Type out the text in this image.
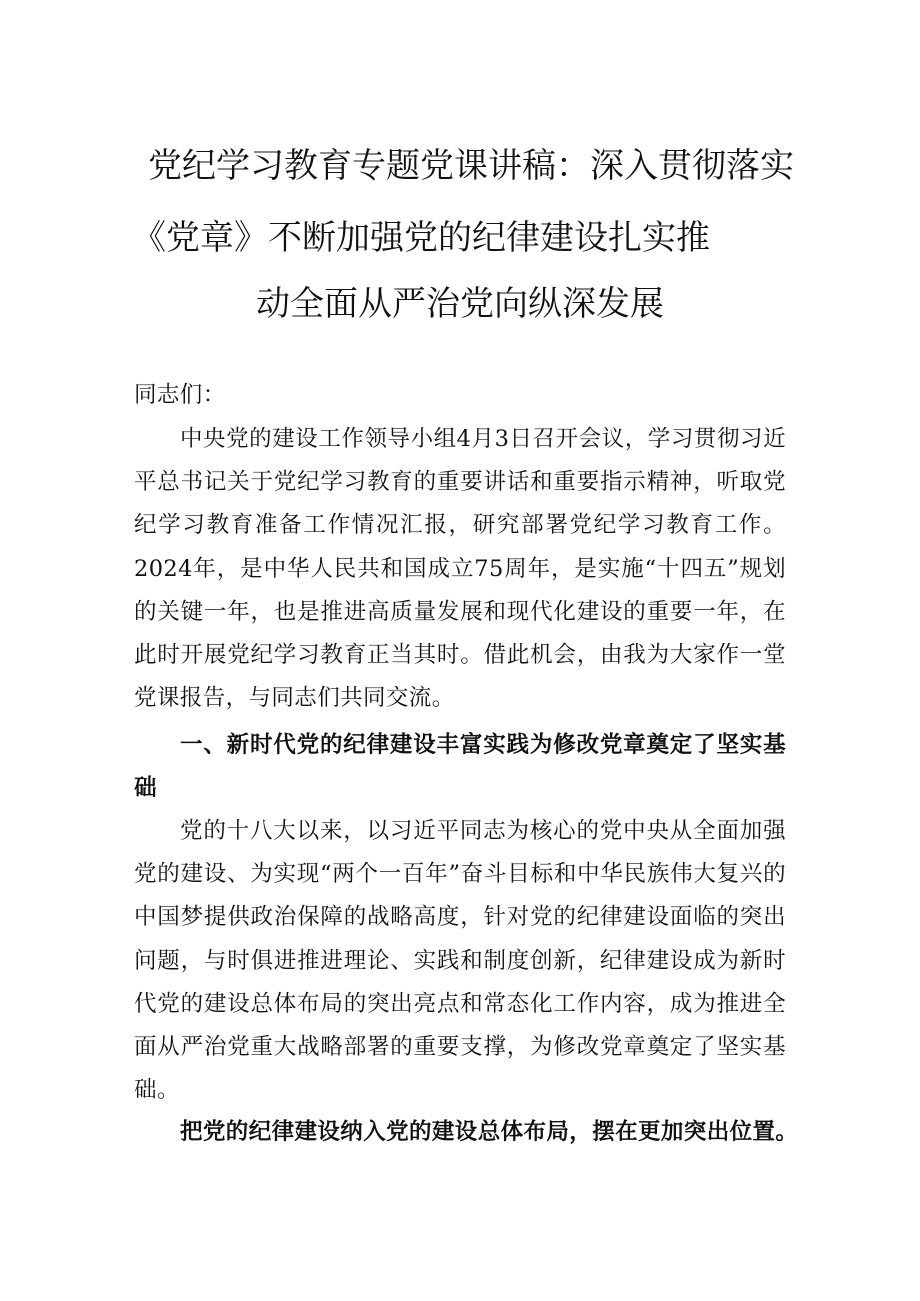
党纪学习教育专题党课讲稿：深入贯彻落实
《党章》不断加强党的纪律建设扎实推
动全面从严治党向纵深发展
同志们：
中央党的建设工作领导小组4月3日召开会议，学习贯彻习近平总书记关于党纪学习教育的重要讲话和重要指示精神，听取党纪学习教育准备工作情况汇报，研究部署党纪学习教育工作。2024年，是中华人民共和国成立75周年，是实施“十四五”规划的关键一年，也是推进高质量发展和现代化建设的重要一年，在此时开展党纪学习教育正当其时。借此机会，由我为大家作一堂党课报告，与同志们共同交流。
一、新时代党的纪律建设丰富实践为修改党章奠定了坚实基础
党的十八大以来，以习近平同志为核心的党中央从全面加强党的建设、为实现“两个一百年”奋斗目标和中华民族伟大复兴的中国梦提供政治保障的战略高度，针对党的纪律建设面临的突出问题，与时俱进推进理论、实践和制度创新，纪律建设成为新时代党的建设总体布局的突出亮点和常态化工作内容，成为推进全面从严治党重大战略部署的重要支撑，为修改党章奠定了坚实基础。
把党的纪律建设纳入党的建设总体布局，摆在更加突出位置。
